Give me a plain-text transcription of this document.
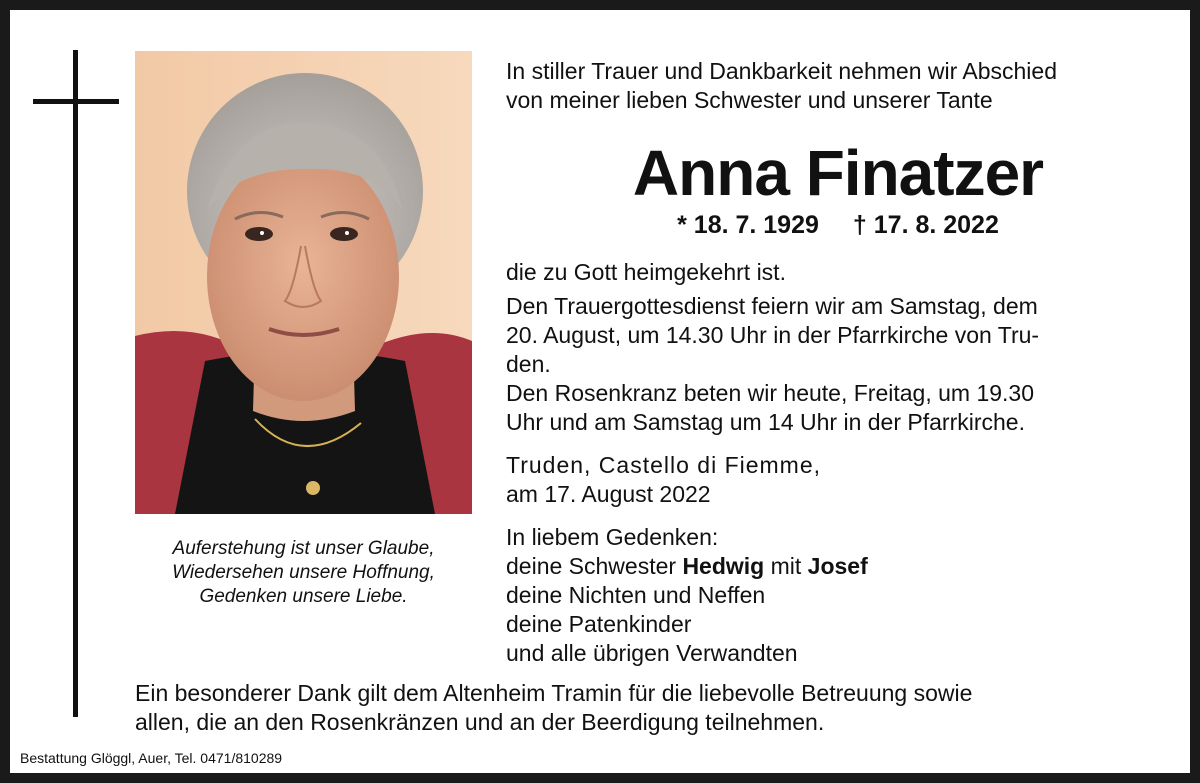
Auferstehung ist unser Glaube,
Wiedersehen unsere Hoffnung,
Gedenken unsere Liebe.
In stiller Trauer und Dankbarkeit nehmen wir Abschied
von meiner lieben Schwester und unserer Tante
Anna Finatzer
* 18. 7. 1929 † 17. 8. 2022
die zu Gott heimgekehrt ist.
Den Trauergottesdienst feiern wir am Samstag, dem
20. August, um 14.30 Uhr in der Pfarrkirche von Tru-
den.
Den Rosenkranz beten wir heute, Freitag, um 19.30
Uhr und am Samstag um 14 Uhr in der Pfarrkirche.
Truden, Castello di Fiemme,
am 17. August 2022
In liebem Gedenken:
deine Schwester Hedwig mit Josef
deine Nichten und Neffen
deine Patenkinder
und alle übrigen Verwandten
Ein besonderer Dank gilt dem Altenheim Tramin für die liebevolle Betreuung sowie
allen, die an den Rosenkränzen und an der Beerdigung teilnehmen.
Bestattung Glöggl, Auer, Tel. 0471/810289
